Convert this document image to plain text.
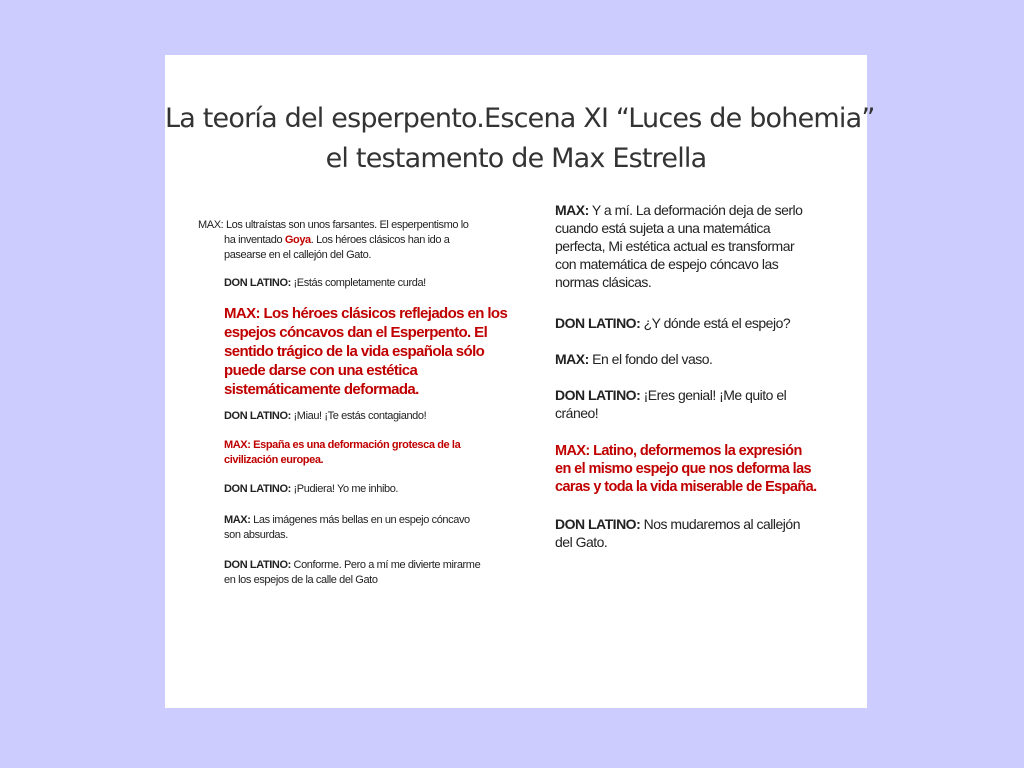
La teoría del esperpento.Escena XI “Luces de bohemia”
el testamento de Max Estrella
MAX: Los ultraístas son unos farsantes. El esperpentismo lo
ha inventado Goya. Los héroes clásicos han ido a
pasearse en el callejón del Gato.
DON LATINO: ¡Estás completamente curda!
MAX: Los héroes clásicos reflejados en los
espejos cóncavos dan el Esperpento. El
sentido trágico de la vida española sólo
puede darse con una estética
sistemáticamente deformada.
DON LATINO: ¡Miau! ¡Te estás contagiando!
MAX: España es una deformación grotesca de la
civilización europea.
DON LATINO: ¡Pudiera! Yo me inhibo.
MAX: Las imágenes más bellas en un espejo cóncavo
son absurdas.
DON LATINO: Conforme. Pero a mí me divierte mirarme
en los espejos de la calle del Gato
MAX: Y a mí. La deformación deja de serlo
cuando está sujeta a una matemática
perfecta, Mi estética actual es transformar
con matemática de espejo cóncavo las
normas clásicas.
DON LATINO: ¿Y dónde está el espejo?
MAX: En el fondo del vaso.
DON LATINO: ¡Eres genial! ¡Me quito el
cráneo!
MAX: Latino, deformemos la expresión
en el mismo espejo que nos deforma las
caras y toda la vida miserable de España.
DON LATINO: Nos mudaremos al callejón
del Gato.
